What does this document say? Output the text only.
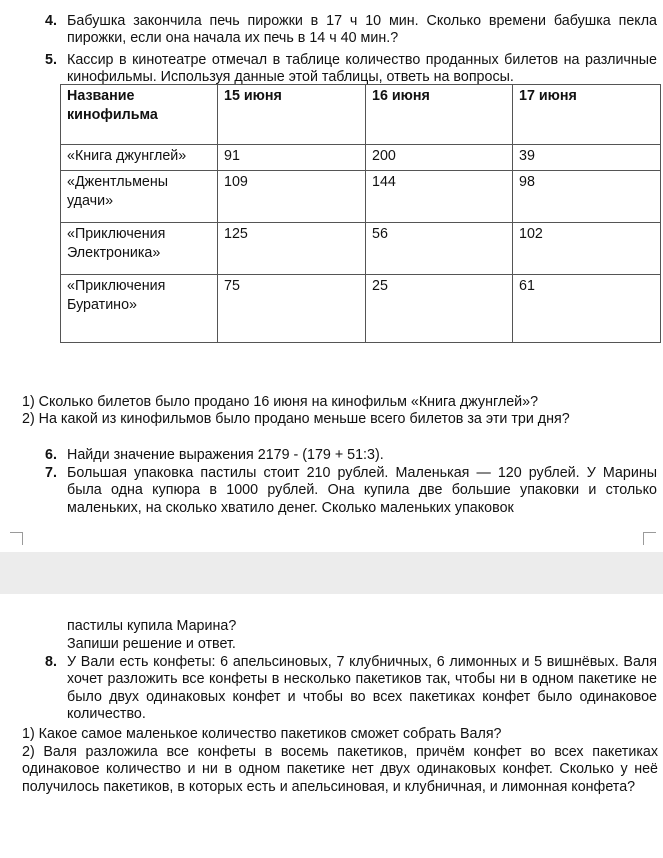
4. Бабушка закончила печь пирожки в 17 ч 10 мин. Сколько времени бабушка пекла пирожки, если она начала их печь в 14 ч 40 мин.?
5. Кассир в кинотеатре отмечал в таблице количество проданных билетов на различные кинофильмы. Используя данные этой таблицы, ответь на вопросы.
Название кинофильма	15 июня	16 июня	17 июня
«Книга джунглей»	91	200	39
«Джентльмены удачи»	109	144	98
«Приключения Электроника»	125	56	102
«Приключения Буратино»	75	25	61
1) Сколько билетов было продано 16 июня на кинофильм «Книга джунглей»?
2) На какой из кинофильмов было продано меньше всего билетов за эти три дня?
6. Найди значение выражения 2179 - (179 + 51:3).
7. Большая упаковка пастилы стоит 210 рублей. Маленькая — 120 рублей. У Марины была одна купюра в 1000 рублей. Она купила две большие упаковки и столько маленьких, на сколько хватило денег. Сколько маленьких упаковок
пастилы купила Марина?
Запиши решение и ответ.
8. У Вали есть конфеты: 6 апельсиновых, 7 клубничных, 6 лимонных и 5 вишнёвых. Валя хочет разложить все конфеты в несколько пакетиков так, чтобы ни в одном пакетике не было двух одинаковых конфет и чтобы во всех пакетиках конфет было одинаковое количество.
1) Какое самое маленькое количество пакетиков сможет собрать Валя?
2) Валя разложила все конфеты в восемь пакетиков, причём конфет во всех пакетиках одинаковое количество и ни в одном пакетике нет двух одинаковых конфет. Сколько у неё получилось пакетиков, в которых есть и апельсиновая, и клубничная, и лимонная конфета?
